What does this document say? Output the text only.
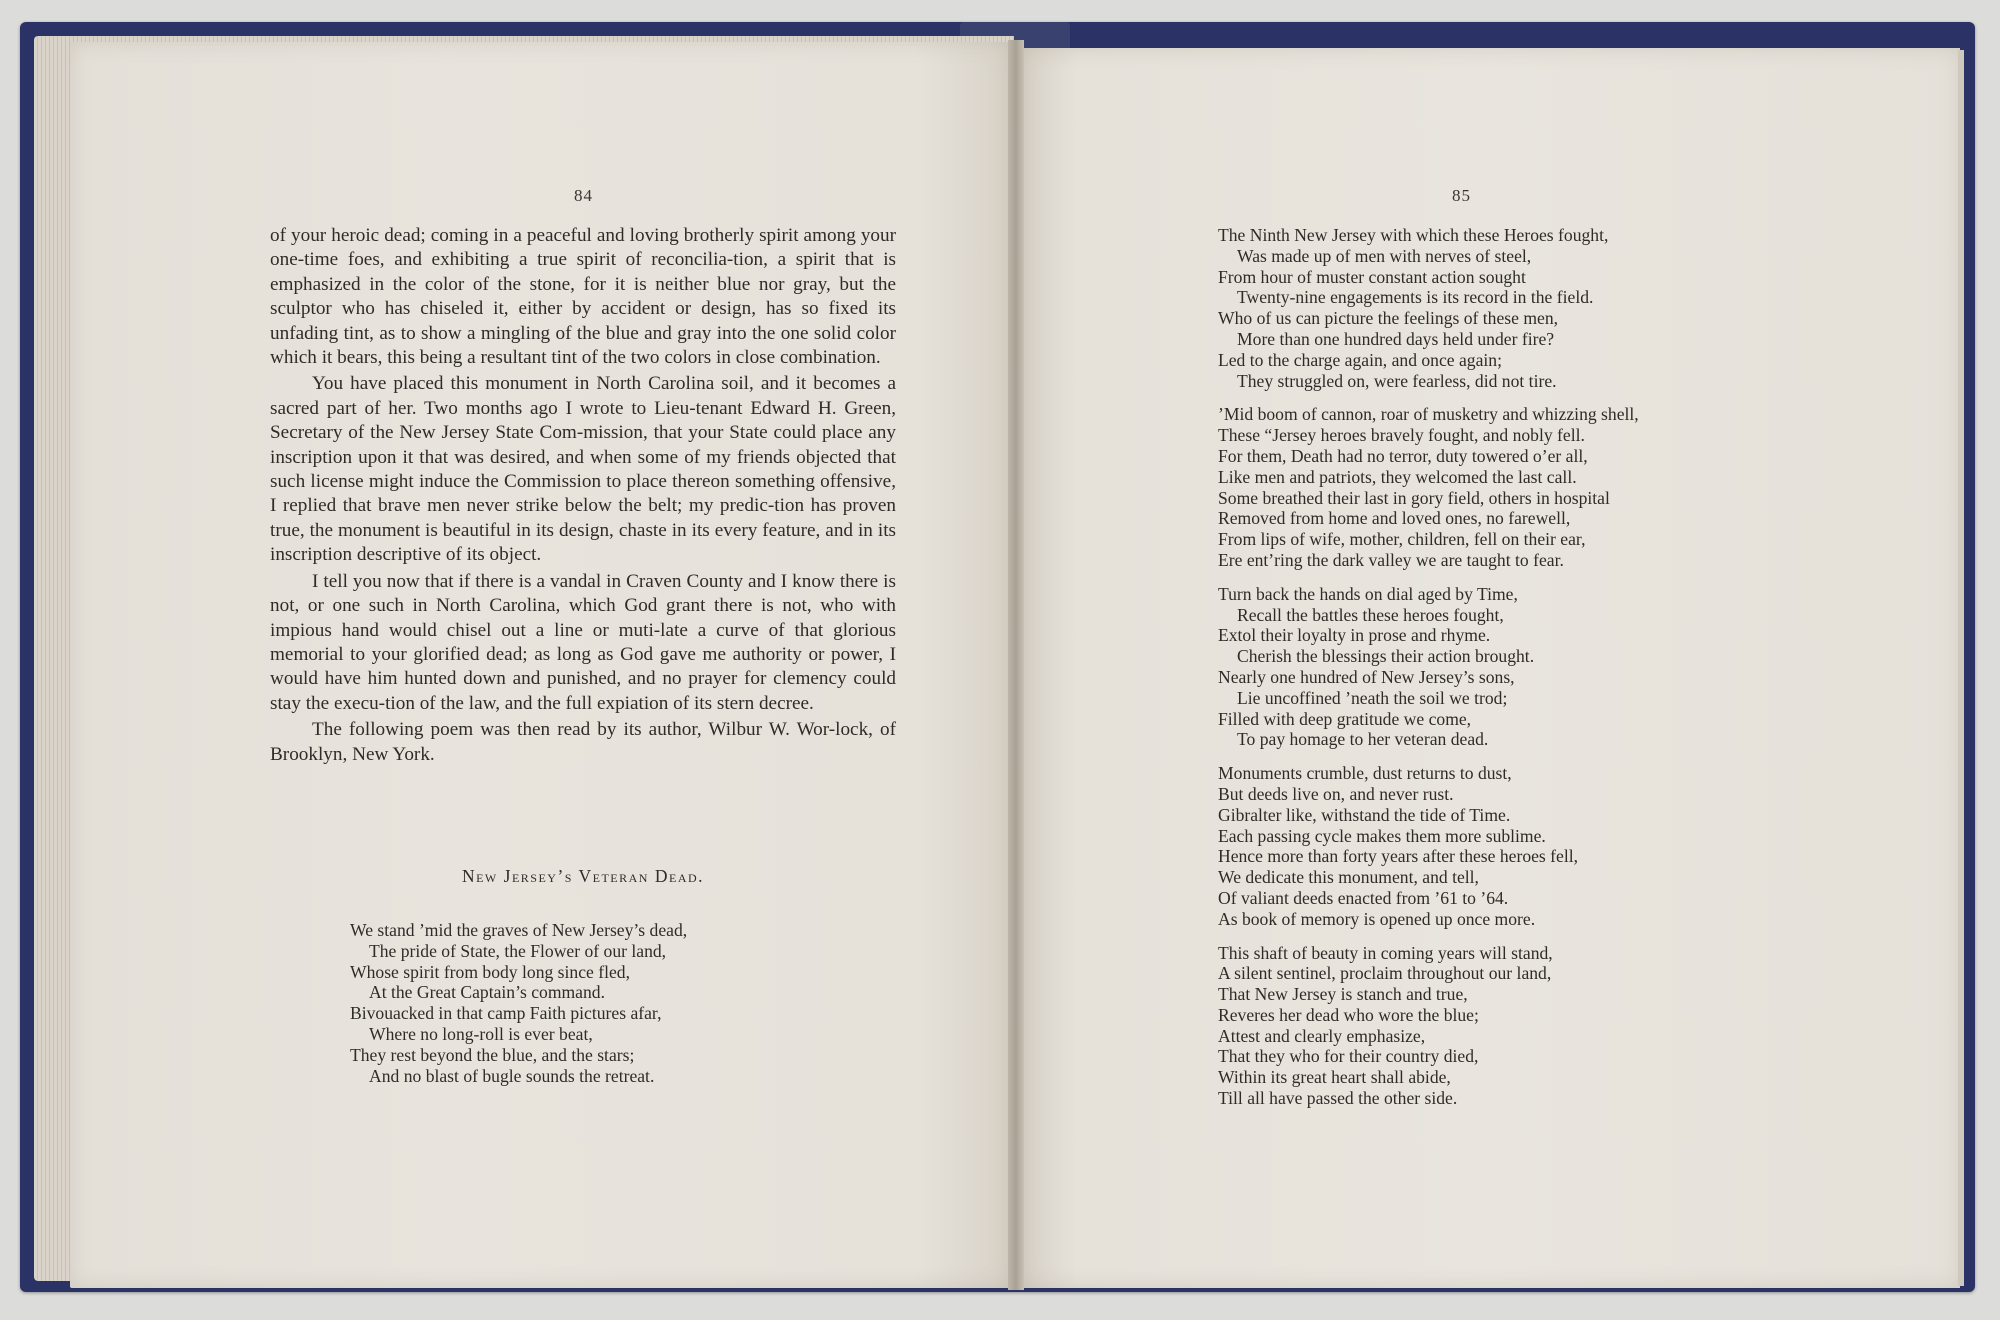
84

of your heroic dead; coming in a peaceful and loving brotherly spirit among your one-time foes, and exhibiting a true spirit of reconcilia-tion, a spirit that is emphasized in the color of the stone, for it is neither blue nor gray, but the sculptor who has chiseled it, either by accident or design, has so fixed its unfading tint, as to show a mingling of the blue and gray into the one solid color which it bears, this being a resultant tint of the two colors in close combination.

You have placed this monument in North Carolina soil, and it becomes a sacred part of her. Two months ago I wrote to Lieu-tenant Edward H. Green, Secretary of the New Jersey State Com-mission, that your State could place any inscription upon it that was desired, and when some of my friends objected that such license might induce the Commission to place thereon something offensive, I replied that brave men never strike below the belt; my predic-tion has proven true, the monument is beautiful in its design, chaste in its every feature, and in its inscription descriptive of its object.

I tell you now that if there is a vandal in Craven County and I know there is not, or one such in North Carolina, which God grant there is not, who with impious hand would chisel out a line or muti-late a curve of that glorious memorial to your glorified dead; as long as God gave me authority or power, I would have him hunted down and punished, and no prayer for clemency could stay the execu-tion of the law, and the full expiation of its stern decree.

The following poem was then read by its author, Wilbur W. Wor-lock, of Brooklyn, New York.

New Jersey’s Veteran Dead.
We stand ’mid the graves of New Jersey’s dead,
The pride of State, the Flower of our land,
Whose spirit from body long since fled,
At the Great Captain’s command.
Bivouacked in that camp Faith pictures afar,
Where no long-roll is ever beat,
They rest beyond the blue, and the stars;
And no blast of bugle sounds the retreat.
85
The Ninth New Jersey with which these Heroes fought,
Was made up of men with nerves of steel,
From hour of muster constant action sought
Twenty-nine engagements is its record in the field.
Who of us can picture the feelings of these men,
More than one hundred days held under fire?
Led to the charge again, and once again;
They struggled on, were fearless, did not tire.
’Mid boom of cannon, roar of musketry and whizzing shell,
These “Jersey heroes bravely fought, and nobly fell.
For them, Death had no terror, duty towered o’er all,
Like men and patriots, they welcomed the last call.
Some breathed their last in gory field, others in hospital
Removed from home and loved ones, no farewell,
From lips of wife, mother, children, fell on their ear,
Ere ent’ring the dark valley we are taught to fear.
Turn back the hands on dial aged by Time,
Recall the battles these heroes fought,
Extol their loyalty in prose and rhyme.
Cherish the blessings their action brought.
Nearly one hundred of New Jersey’s sons,
Lie uncoffined ’neath the soil we trod;
Filled with deep gratitude we come,
To pay homage to her veteran dead.
Monuments crumble, dust returns to dust,
But deeds live on, and never rust.
Gibralter like, withstand the tide of Time.
Each passing cycle makes them more sublime.
Hence more than forty years after these heroes fell,
We dedicate this monument, and tell,
Of valiant deeds enacted from ’61 to ’64.
As book of memory is opened up once more.
This shaft of beauty in coming years will stand,
A silent sentinel, proclaim throughout our land,
That New Jersey is stanch and true,
Reveres her dead who wore the blue;
Attest and clearly emphasize,
That they who for their country died,
Within its great heart shall abide,
Till all have passed the other side.
